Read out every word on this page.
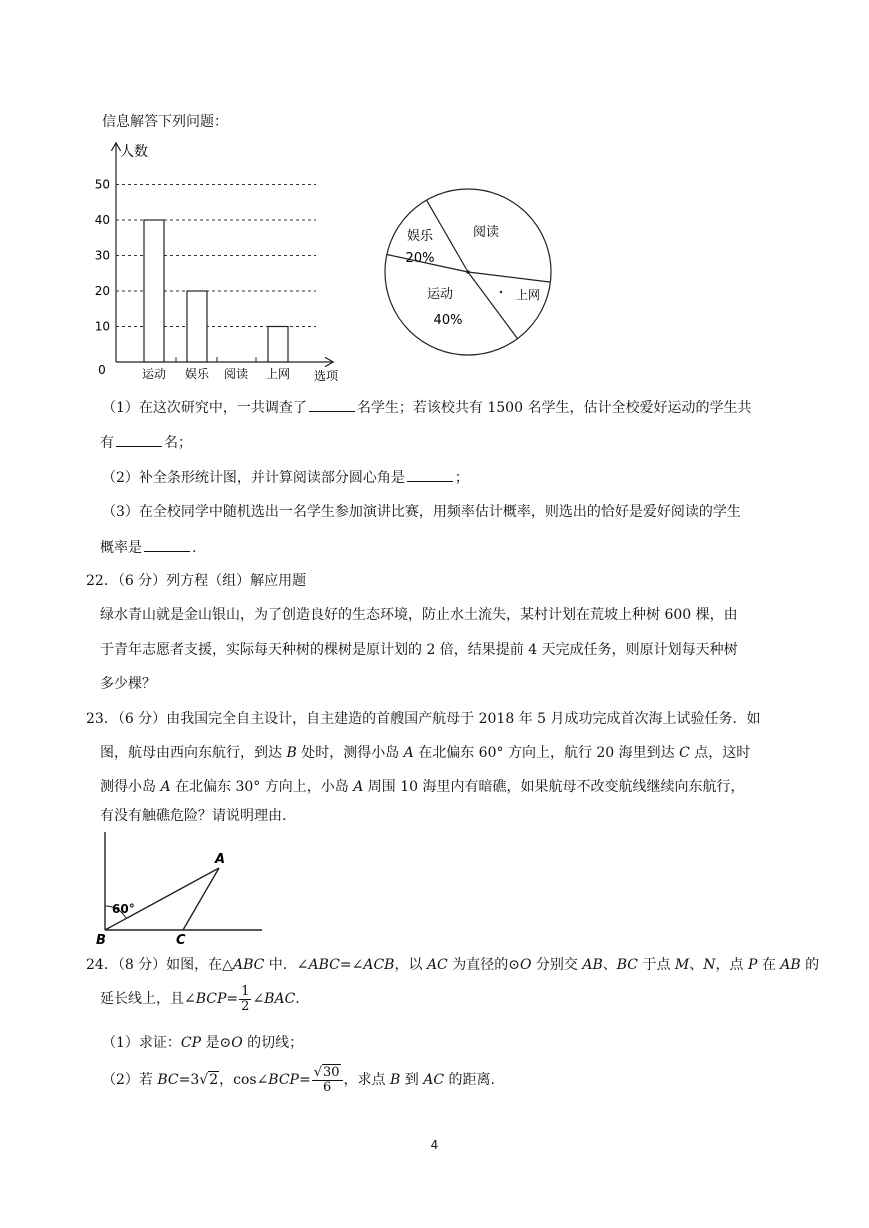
信息解答下列问题：
人数
选项
0
10
20
30
40
50
运动 娱乐 阅读 上网
阅读
娱乐
20%
运动
40%
上网
（1）在这次研究中，一共调查了	名学生；若该校共有 1500 名学生，估计全校爱好运动的学生共
有	名；
（2）补全条形统计图，并计算阅读部分圆心角是	；
（3）在全校同学中随机选出一名学生参加演讲比赛，用频率估计概率，则选出的恰好是爱好阅读的学生
概率是	.
22．（6 分）列方程（组）解应用题
绿水青山就是金山银山，为了创造良好的生态环境，防止水土流失，某村计划在荒坡上种树 600 棵，由
于青年志愿者支援，实际每天种树的棵树是原计划的 2 倍，结果提前 4 天完成任务，则原计划每天种树
多少棵？
23．（6 分）由我国完全自主设计，自主建造的首艘国产航母于 2018 年 5 月成功完成首次海上试验任务．如
图，航母由西向东航行，到达 B 处时，测得小岛 A 在北偏东 60° 方向上，航行 20 海里到达 C 点，这时
测得小岛 A 在北偏东 30° 方向上，小岛 A 周围 10 海里内有暗礁，如果航母不改变航线继续向东航行，
有没有触礁危险？请说明理由.
60°
A
B	C
24．（8 分）如图，在△ABC 中．∠ABC=∠ACB，以 AC 为直径的⊙O 分别交 AB、BC 于点 M、N，点 P 在 AB 的
延长线上，且∠BCP= $\frac{1}{2}$ ∠BAC.
（1）求证：CP 是⊙O 的切线；
（2）若 BC=3√2，cos∠BCP= $\frac{√30}{6}$ ，求点 B 到 AC 的距离.
4
